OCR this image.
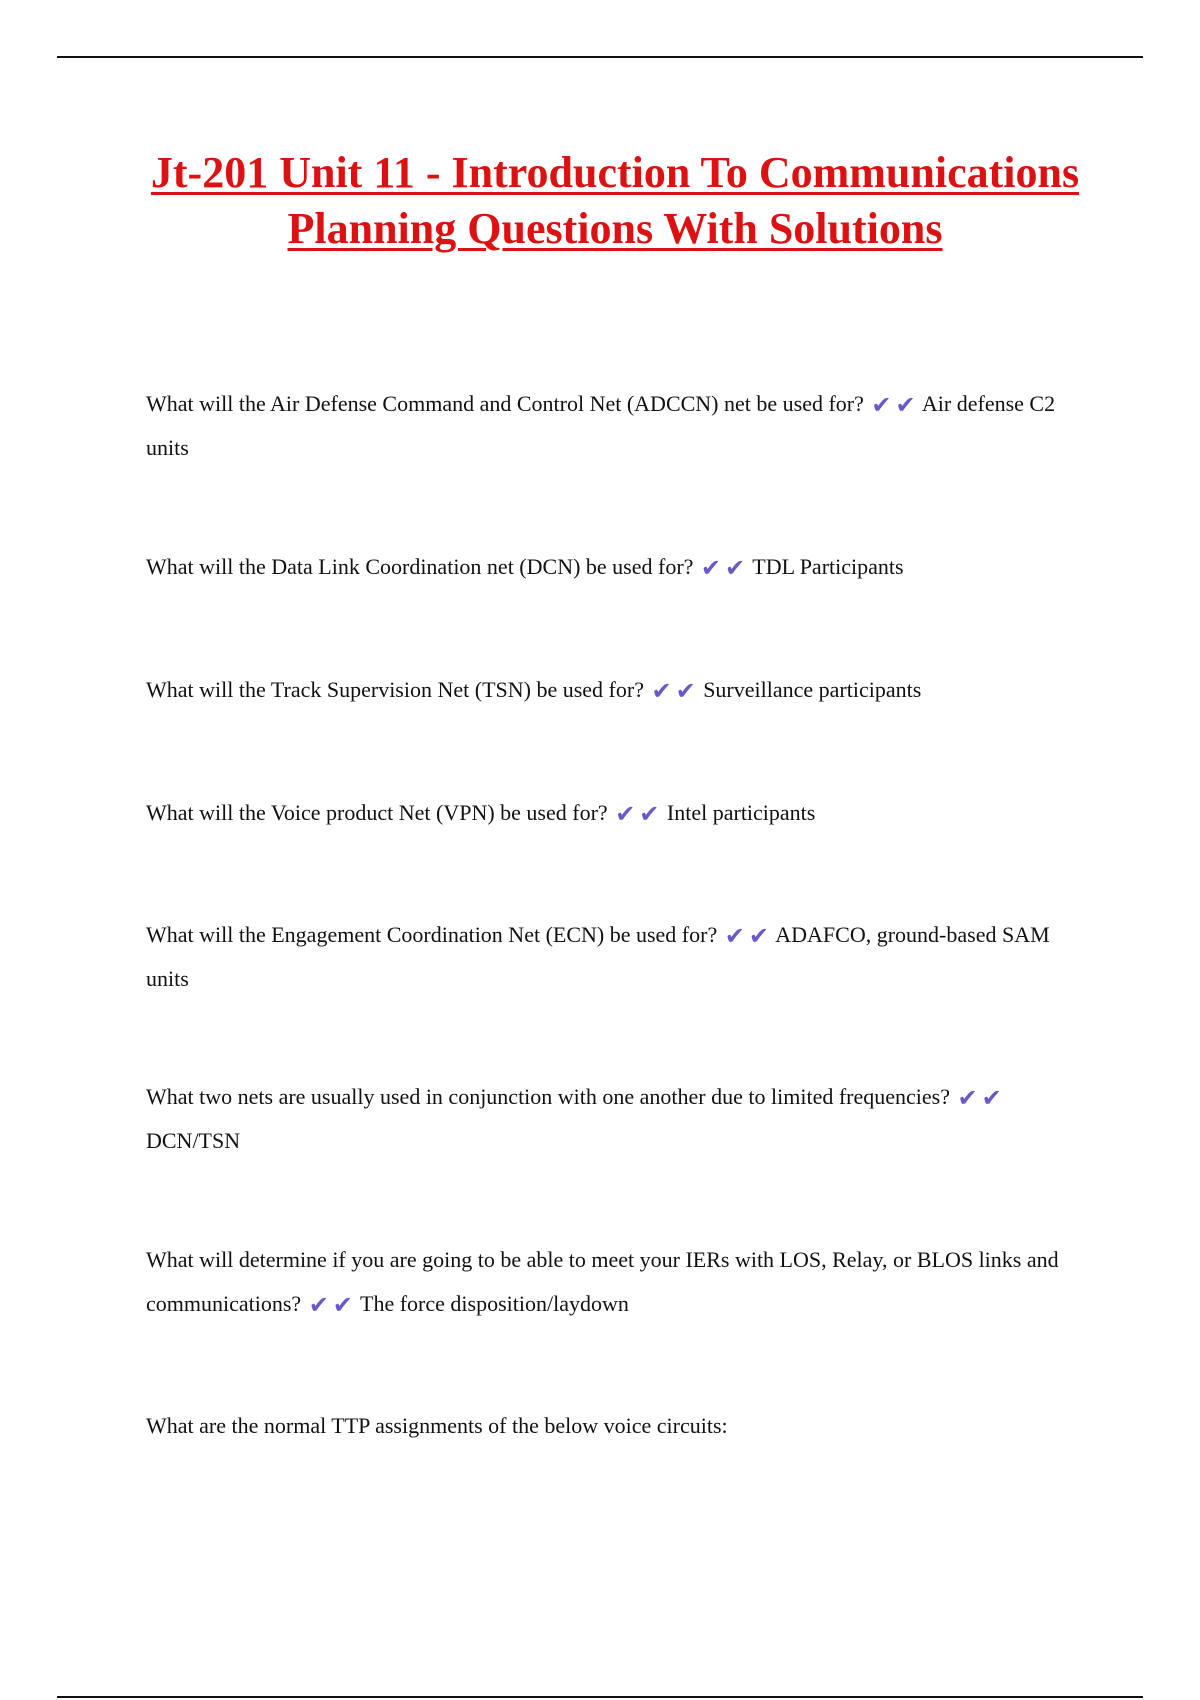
Jt-201 Unit 11 - Introduction To Communications Planning Questions With Solutions

What will the Air Defense Command and Control Net (ADCCN) net be used for? ✔ ✔ Air defense C2 units

What will the Data Link Coordination net (DCN) be used for? ✔ ✔ TDL Participants

What will the Track Supervision Net (TSN) be used for? ✔ ✔ Surveillance participants

What will the Voice product Net (VPN) be used for? ✔ ✔ Intel participants

What will the Engagement Coordination Net (ECN) be used for? ✔ ✔ ADAFCO, ground-based SAM units

What two nets are usually used in conjunction with one another due to limited frequencies? ✔ ✔ DCN/TSN

What will determine if you are going to be able to meet your IERs with LOS, Relay, or BLOS links and communications? ✔ ✔ The force disposition/laydown

What are the normal TTP assignments of the below voice circuits:
